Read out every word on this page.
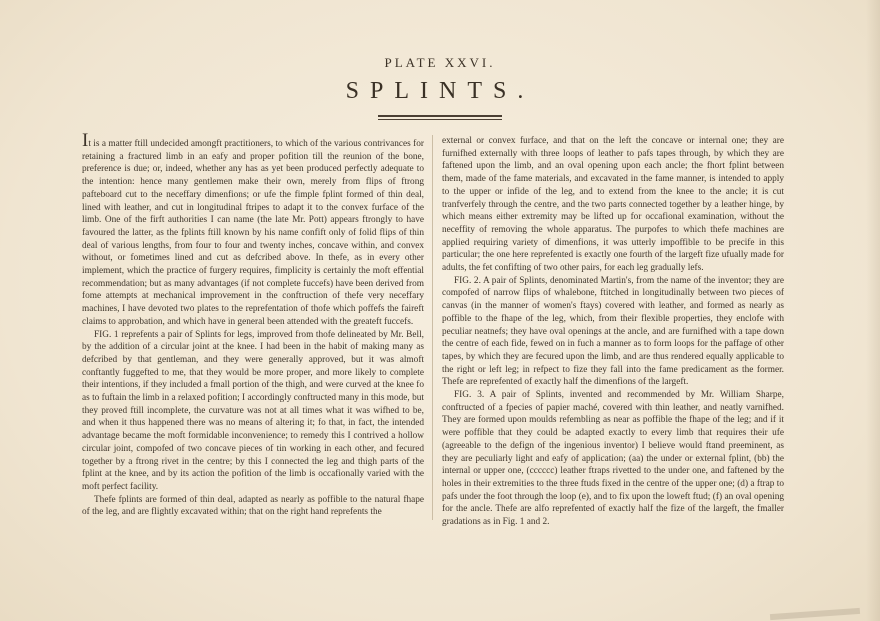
PLATE XXVI.
SPLINTS.

It is a matter ftill undecided amongft practitioners, to which of the various contrivances for retaining a fractured limb in an eafy and proper pofition till the reunion of the bone, preference is due; or, indeed, whether any has as yet been produced perfectly adequate to the intention: hence many gentlemen make their own, merely from flips of ftrong pafteboard cut to the neceffary dimenfions; or ufe the fimple fplint formed of thin deal, lined with leather, and cut in longitudinal ftripes to adapt it to the convex furface of the limb. One of the firft authorities I can name (the late Mr. Pott) appears ftrongly to have favoured the latter, as the fplints ftill known by his name confift only of folid flips of thin deal of various lengths, from four to four and twenty inches, concave within, and convex without, or fometimes lined and cut as defcribed above. In thefe, as in every other implement, which the practice of furgery requires, fimplicity is certainly the moft effential recommendation; but as many advantages (if not complete fuccefs) have been derived from fome attempts at mechanical improvement in the conftruction of thefe very neceffary machines, I have devoted two plates to the reprefentation of thofe which poffefs the faireft claims to approbation, and which have in general been attended with the greateft fuccefs.

FIG. 1 reprefents a pair of Splints for legs, improved from thofe delineated by Mr. Bell, by the addition of a circular joint at the knee. I had been in the habit of making many as defcribed by that gentleman, and they were generally approved, but it was almoft conftantly fuggefted to me, that they would be more proper, and more likely to complete their intentions, if they included a fmall portion of the thigh, and were curved at the knee fo as to fuftain the limb in a relaxed pofition; I accordingly conftructed many in this mode, but they proved ftill incomplete, the curvature was not at all times what it was wifhed to be, and when it thus happened there was no means of altering it; fo that, in fact, the intended advantage became the moft formidable inconvenience; to remedy this I contrived a hollow circular joint, compofed of two concave pieces of tin working in each other, and fecured together by a ftrong rivet in the centre; by this I connected the leg and thigh parts of the fplint at the knee, and by its action the pofition of the limb is occafionally varied with the moft perfect facility.

Thefe fplints are formed of thin deal, adapted as nearly as poffible to the natural fhape of the leg, and are flightly excavated within; that on the right hand reprefents the

external or convex furface, and that on the left the concave or internal one; they are furnifhed externally with three loops of leather to pafs tapes through, by which they are faftened upon the limb, and an oval opening upon each ancle; the fhort fplint between them, made of the fame materials, and excavated in the fame manner, is intended to apply to the upper or infide of the leg, and to extend from the knee to the ancle; it is cut tranfverfely through the centre, and the two parts connected together by a leather hinge, by which means either extremity may be lifted up for occafional examination, without the neceffity of removing the whole apparatus. The purpofes to which thefe machines are applied requiring variety of dimenfions, it was utterly impoffible to be precife in this particular; the one here reprefented is exactly one fourth of the largeft fize ufually made for adults, the fet confifting of two other pairs, for each leg gradually lefs.

FIG. 2. A pair of Splints, denominated Martin's, from the name of the inventor; they are compofed of narrow flips of whalebone, ftitched in longitudinally between two pieces of canvas (in the manner of women's ftays) covered with leather, and formed as nearly as poffible to the fhape of the leg, which, from their flexible properties, they enclofe with peculiar neatnefs; they have oval openings at the ancle, and are furnifhed with a tape down the centre of each fide, fewed on in fuch a manner as to form loops for the paffage of other tapes, by which they are fecured upon the limb, and are thus rendered equally applicable to the right or left leg; in refpect to fize they fall into the fame predicament as the former. Thefe are reprefented of exactly half the dimenfions of the largeft.

FIG. 3. A pair of Splints, invented and recommended by Mr. William Sharpe, conftructed of a fpecies of papier maché, covered with thin leather, and neatly varnifhed. They are formed upon moulds refembling as near as poffible the fhape of the leg; and if it were poffible that they could be adapted exactly to every limb that requires their ufe (agreeable to the defign of the ingenious inventor) I believe would ftand preeminent, as they are peculiarly light and eafy of application; (aa) the under or external fplint, (bb) the internal or upper one, (cccccc) leather ftraps rivetted to the under one, and faftened by the holes in their extremities to the three ftuds fixed in the centre of the upper one; (d) a ftrap to pafs under the foot through the loop (e), and to fix upon the loweft ftud; (f) an oval opening for the ancle. Thefe are alfo reprefented of exactly half the fize of the largeft, the fmaller gradations as in Fig. 1 and 2.
